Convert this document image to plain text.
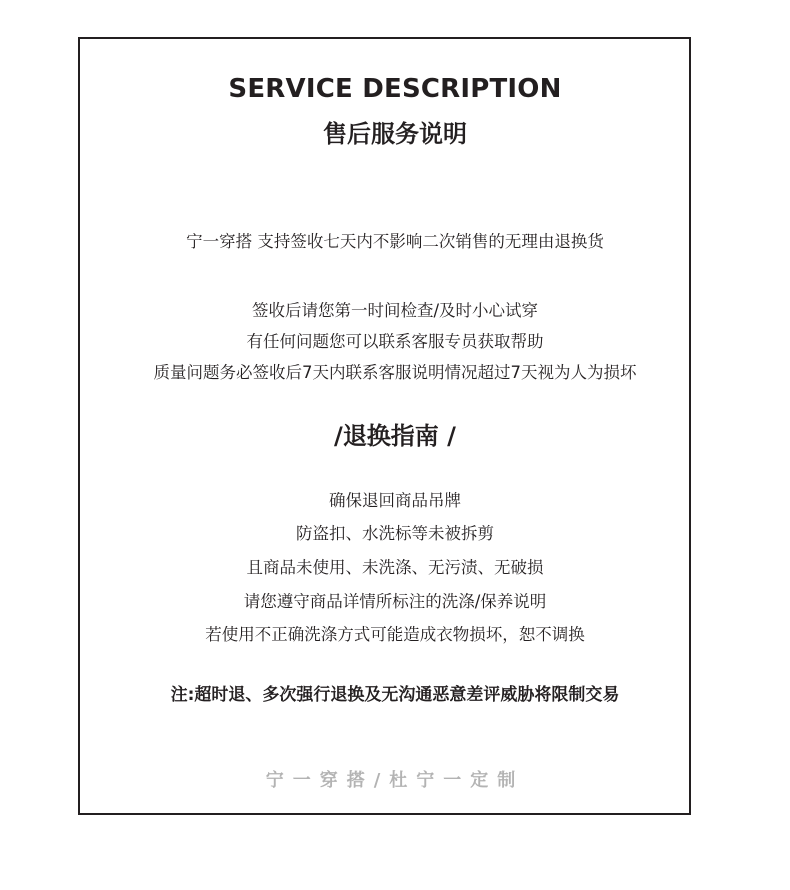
SERVICE DESCRIPTION
售后服务说明
宁一穿搭 支持签收七天内不影响二次销售的无理由退换货
签收后请您第一时间检查/及时小心试穿
有任何问题您可以联系客服专员获取帮助
质量问题务必签收后7天内联系客服说明情况超过7天视为人为损坏
/退换指南 /
确保退回商品吊牌
防盗扣、水洗标等未被拆剪
且商品未使用、未洗涤、无污渍、无破损
请您遵守商品详情所标注的洗涤/保养说明
若使用不正确洗涤方式可能造成衣物损坏，恕不调换
注:超时退、多次强行退换及无沟通恶意差评威胁将限制交易
宁一穿搭/杜宁一定制
